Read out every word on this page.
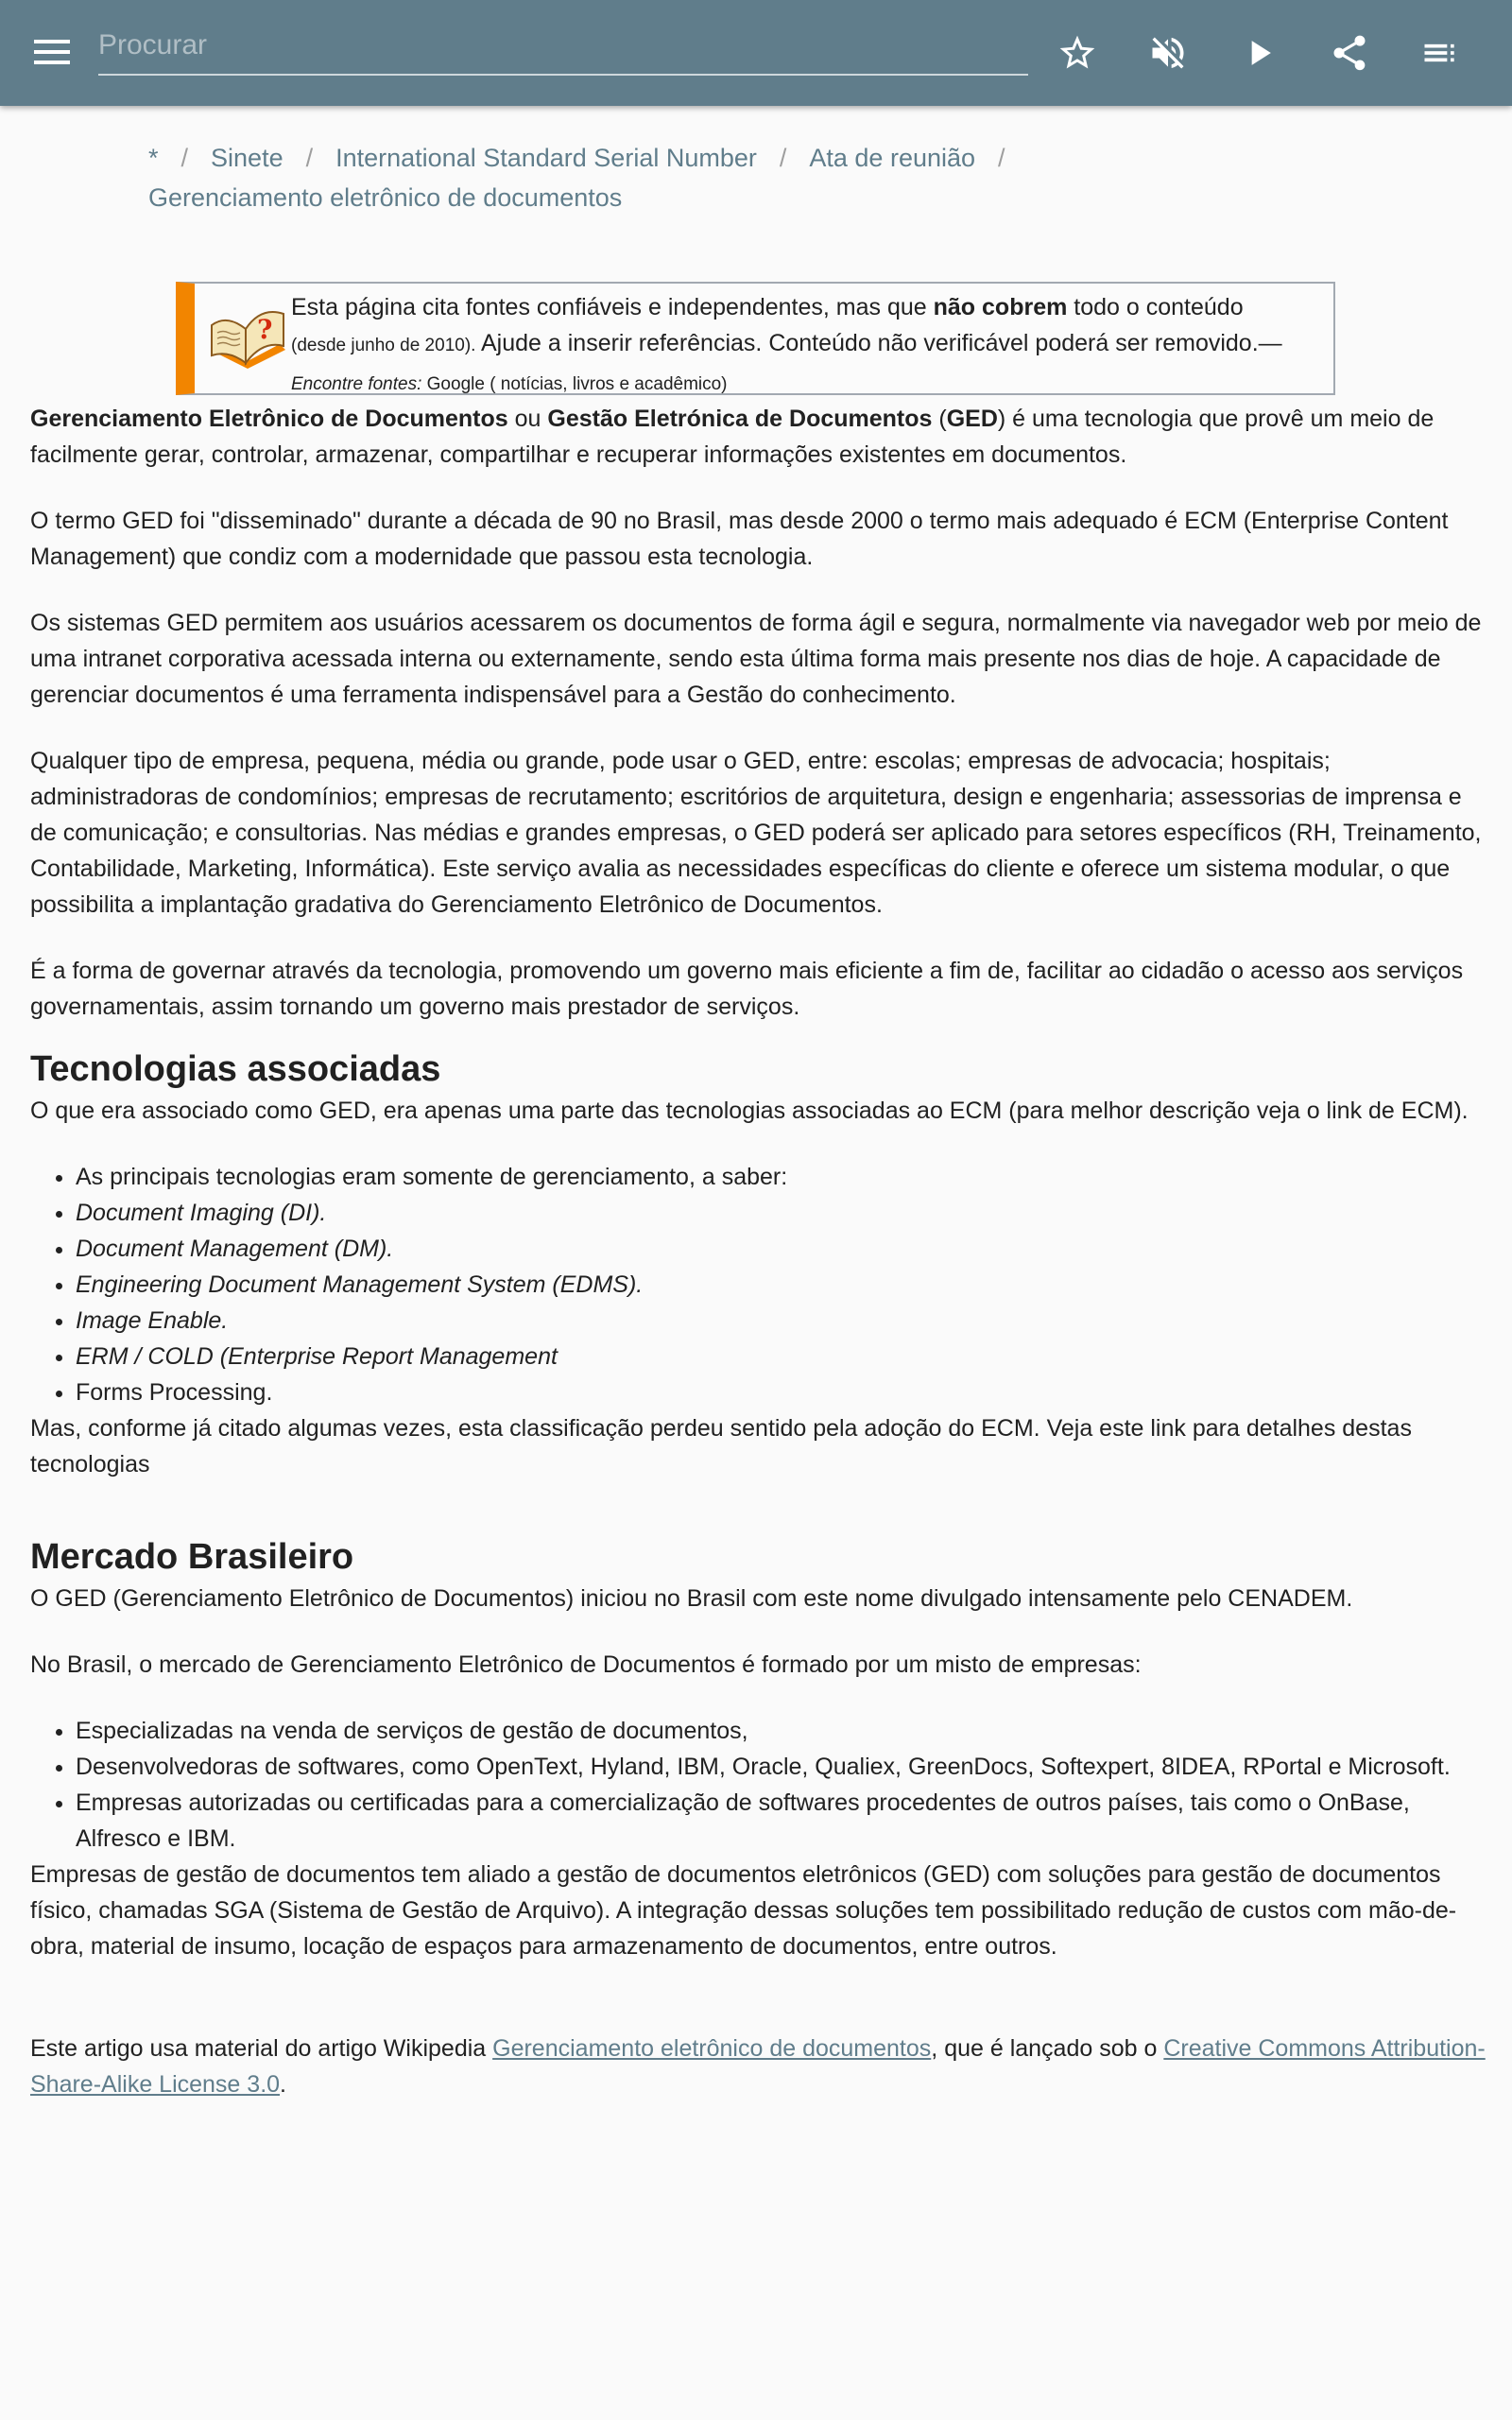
Procurar
* / Sinete / International Standard Serial Number / Ata de reunião /
Gerenciamento eletrônico de documentos
?
Esta página cita fontes confiáveis e independentes, mas que não cobrem todo o conteúdo
(desde junho de 2010). Ajude a inserir referências. Conteúdo não verificável poderá ser removido.—
Encontre fontes: Google ( notícias, livros e acadêmico)

Gerenciamento Eletrônico de Documentos ou Gestão Eletrónica de Documentos (GED) é uma tecnologia que provê um meio de facilmente gerar, controlar, armazenar, compartilhar e recuperar informações existentes em documentos.

O termo GED foi "disseminado" durante a década de 90 no Brasil, mas desde 2000 o termo mais adequado é ECM (Enterprise Content Management) que condiz com a modernidade que passou esta tecnologia.

Os sistemas GED permitem aos usuários acessarem os documentos de forma ágil e segura, normalmente via navegador web por meio de uma intranet corporativa acessada interna ou externamente, sendo esta última forma mais presente nos dias de hoje. A capacidade de gerenciar documentos é uma ferramenta indispensável para a Gestão do conhecimento.

Qualquer tipo de empresa, pequena, média ou grande, pode usar o GED, entre: escolas; empresas de advocacia; hospitais; administradoras de condomínios; empresas de recrutamento; escritórios de arquitetura, design e engenharia; assessorias de imprensa e de comunicação; e consultorias. Nas médias e grandes empresas, o GED poderá ser aplicado para setores específicos (RH, Treinamento, Contabilidade, Marketing, Informática). Este serviço avalia as necessidades específicas do cliente e oferece um sistema modular, o que possibilita a implantação gradativa do Gerenciamento Eletrônico de Documentos.

É a forma de governar através da tecnologia, promovendo um governo mais eficiente a fim de, facilitar ao cidadão o acesso aos serviços governamentais, assim tornando um governo mais prestador de serviços.

Tecnologias associadas

O que era associado como GED, era apenas uma parte das tecnologias associadas ao ECM (para melhor descrição veja o link de ECM).

• As principais tecnologias eram somente de gerenciamento, a saber:
• Document Imaging (DI).
• Document Management (DM).
• Engineering Document Management System (EDMS).
• Image Enable.
• ERM / COLD (Enterprise Report Management
• Forms Processing.

Mas, conforme já citado algumas vezes, esta classificação perdeu sentido pela adoção do ECM. Veja este link para detalhes destas tecnologias

Mercado Brasileiro

O GED (Gerenciamento Eletrônico de Documentos) iniciou no Brasil com este nome divulgado intensamente pelo CENADEM.

No Brasil, o mercado de Gerenciamento Eletrônico de Documentos é formado por um misto de empresas:

• Especializadas na venda de serviços de gestão de documentos,
• Desenvolvedoras de softwares, como OpenText, Hyland, IBM, Oracle, Qualiex, GreenDocs, Softexpert, 8IDEA, RPortal e Microsoft.
• Empresas autorizadas ou certificadas para a comercialização de softwares procedentes de outros países, tais como o OnBase, Alfresco e IBM.

Empresas de gestão de documentos tem aliado a gestão de documentos eletrônicos (GED) com soluções para gestão de documentos físico, chamadas SGA (Sistema de Gestão de Arquivo). A integração dessas soluções tem possibilitado redução de custos com mão-de-obra, material de insumo, locação de espaços para armazenamento de documentos, entre outros.

Este artigo usa material do artigo Wikipedia Gerenciamento eletrônico de documentos, que é lançado sob o Creative Commons Attribution-Share-Alike License 3.0.
